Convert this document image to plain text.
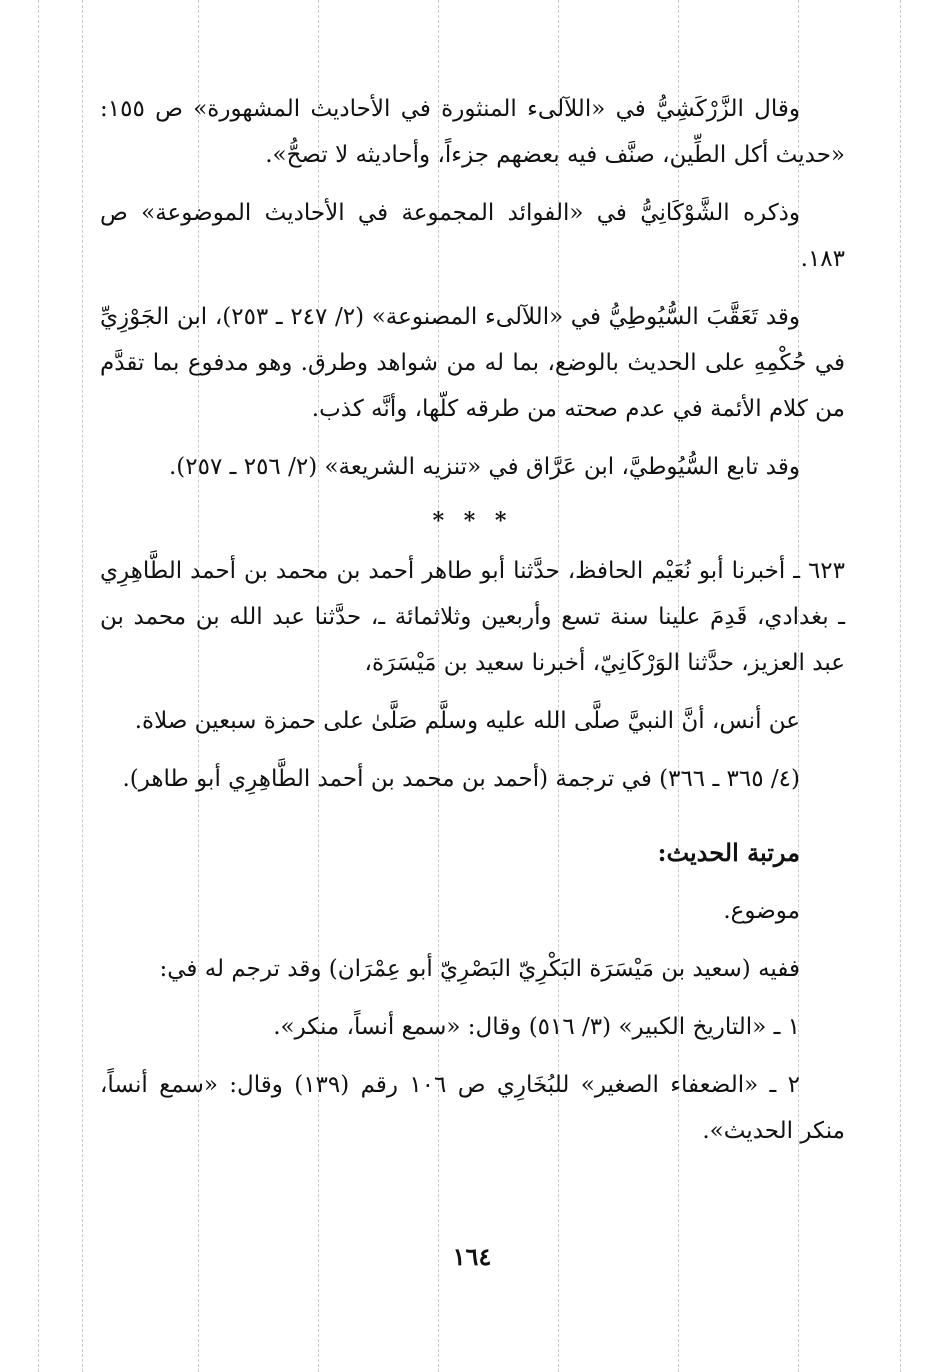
وقال الزَّرْكَشِيُّ في «اللآلىء المنثورة في الأحاديث المشهورة» ص ١٥٥: «حديث أكل الطِّين، صنَّف فيه بعضهم جزءاً، وأحاديثه لا تصحُّ».

وذكره الشَّوْكَانِيُّ في «الفوائد المجموعة في الأحاديث الموضوعة» ص ١٨٣.

وقد تَعَقَّبَ السُّيُوطِيُّ في «اللآلىء المصنوعة» (٢/ ٢٤٧ ـ ٢٥٣)، ابن الجَوْزِيِّ في حُكْمِهِ على الحديث بالوضع، بما له من شواهد وطرق. وهو مدفوع بما تقدَّم من كلام الأئمة في عدم صحته من طرقه كلّها، وأنَّه كذب.

وقد تابع السُّيُوطيَّ، ابن عَرَّاق في «تنزيه الشريعة» (٢/ ٢٥٦ ـ ٢٥٧).

* * *

٦٢٣ ـ أخبرنا أبو نُعَيْم الحافظ، حدَّثنا أبو طاهر أحمد بن محمد بن أحمد الطَّاهِرِي ـ بغدادي، قَدِمَ علينا سنة تسع وأربعين وثلاثمائة ـ، حدَّثنا عبد الله بن محمد بن عبد العزيز، حدَّثنا الوَرْكَانِيّ، أخبرنا سعيد بن مَيْسَرَة،

عن أنس، أنَّ النبيَّ صلَّى الله عليه وسلَّم صَلَّىٰ على حمزة سبعين صلاة.

(٤/ ٣٦٥ ـ ٣٦٦) في ترجمة (أحمد بن محمد بن أحمد الطَّاهِرِي أبو طاهر).

مرتبة الحديث:

موضوع.

ففيه (سعيد بن مَيْسَرَة البَكْرِيّ البَصْرِيّ أبو عِمْرَان) وقد ترجم له في:

١ ـ «التاريخ الكبير» (٣/ ٥١٦) وقال: «سمع أنساً، منكر».

٢ ـ «الضعفاء الصغير» للبُخَارِي ص ١٠٦ رقم (١٣٩) وقال: «سمع أنساً، منكر الحديث».

١٦٤
